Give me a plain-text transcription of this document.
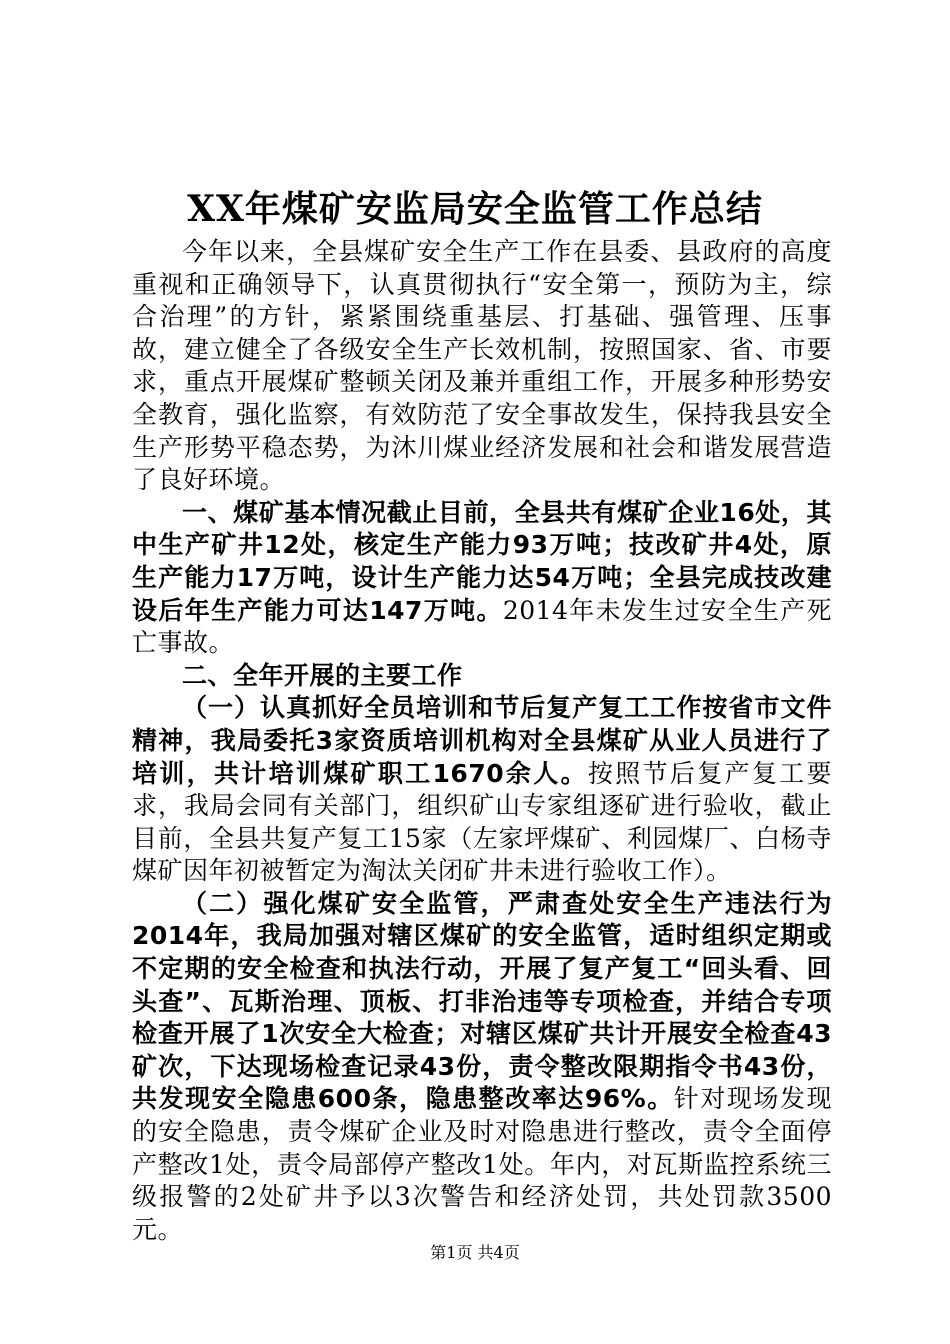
XX年煤矿安监局安全监管工作总结

今年以来，全县煤矿安全生产工作在县委、县政府的高度重视和正确领导下，认真贯彻执行“安全第一，预防为主，综合治理”的方针，紧紧围绕重基层、打基础、强管理、压事故，建立健全了各级安全生产长效机制，按照国家、省、市要求，重点开展煤矿整顿关闭及兼并重组工作，开展多种形势安全教育，强化监察，有效防范了安全事故发生，保持我县安全生产形势平稳态势，为沐川煤业经济发展和社会和谐发展营造了良好环境。

一、煤矿基本情况截止目前，全县共有煤矿企业16处，其中生产矿井12处，核定生产能力93万吨；技改矿井4处，原生产能力17万吨，设计生产能力达54万吨；全县完成技改建设后年生产能力可达147万吨。2014年未发生过安全生产死亡事故。

二、全年开展的主要工作

（一）认真抓好全员培训和节后复产复工工作按省市文件精神，我局委托3家资质培训机构对全县煤矿从业人员进行了培训，共计培训煤矿职工1670余人。按照节后复产复工要求，我局会同有关部门，组织矿山专家组逐矿进行验收，截止目前，全县共复产复工15家（左家坪煤矿、利园煤厂、白杨寺煤矿因年初被暂定为淘汰关闭矿井未进行验收工作）。

（二）强化煤矿安全监管，严肃查处安全生产违法行为2014年，我局加强对辖区煤矿的安全监管，适时组织定期或不定期的安全检查和执法行动，开展了复产复工“回头看、回头查”、瓦斯治理、顶板、打非治违等专项检查，并结合专项检查开展了1次安全大检查；对辖区煤矿共计开展安全检查43矿次，下达现场检查记录43份，责令整改限期指令书43份，共发现安全隐患600条，隐患整改率达96%。针对现场发现的安全隐患，责令煤矿企业及时对隐患进行整改，责令全面停产整改1处，责令局部停产整改1处。年内，对瓦斯监控系统三级报警的2处矿井予以3次警告和经济处罚，共处罚款3500元。

第1页 共4页
